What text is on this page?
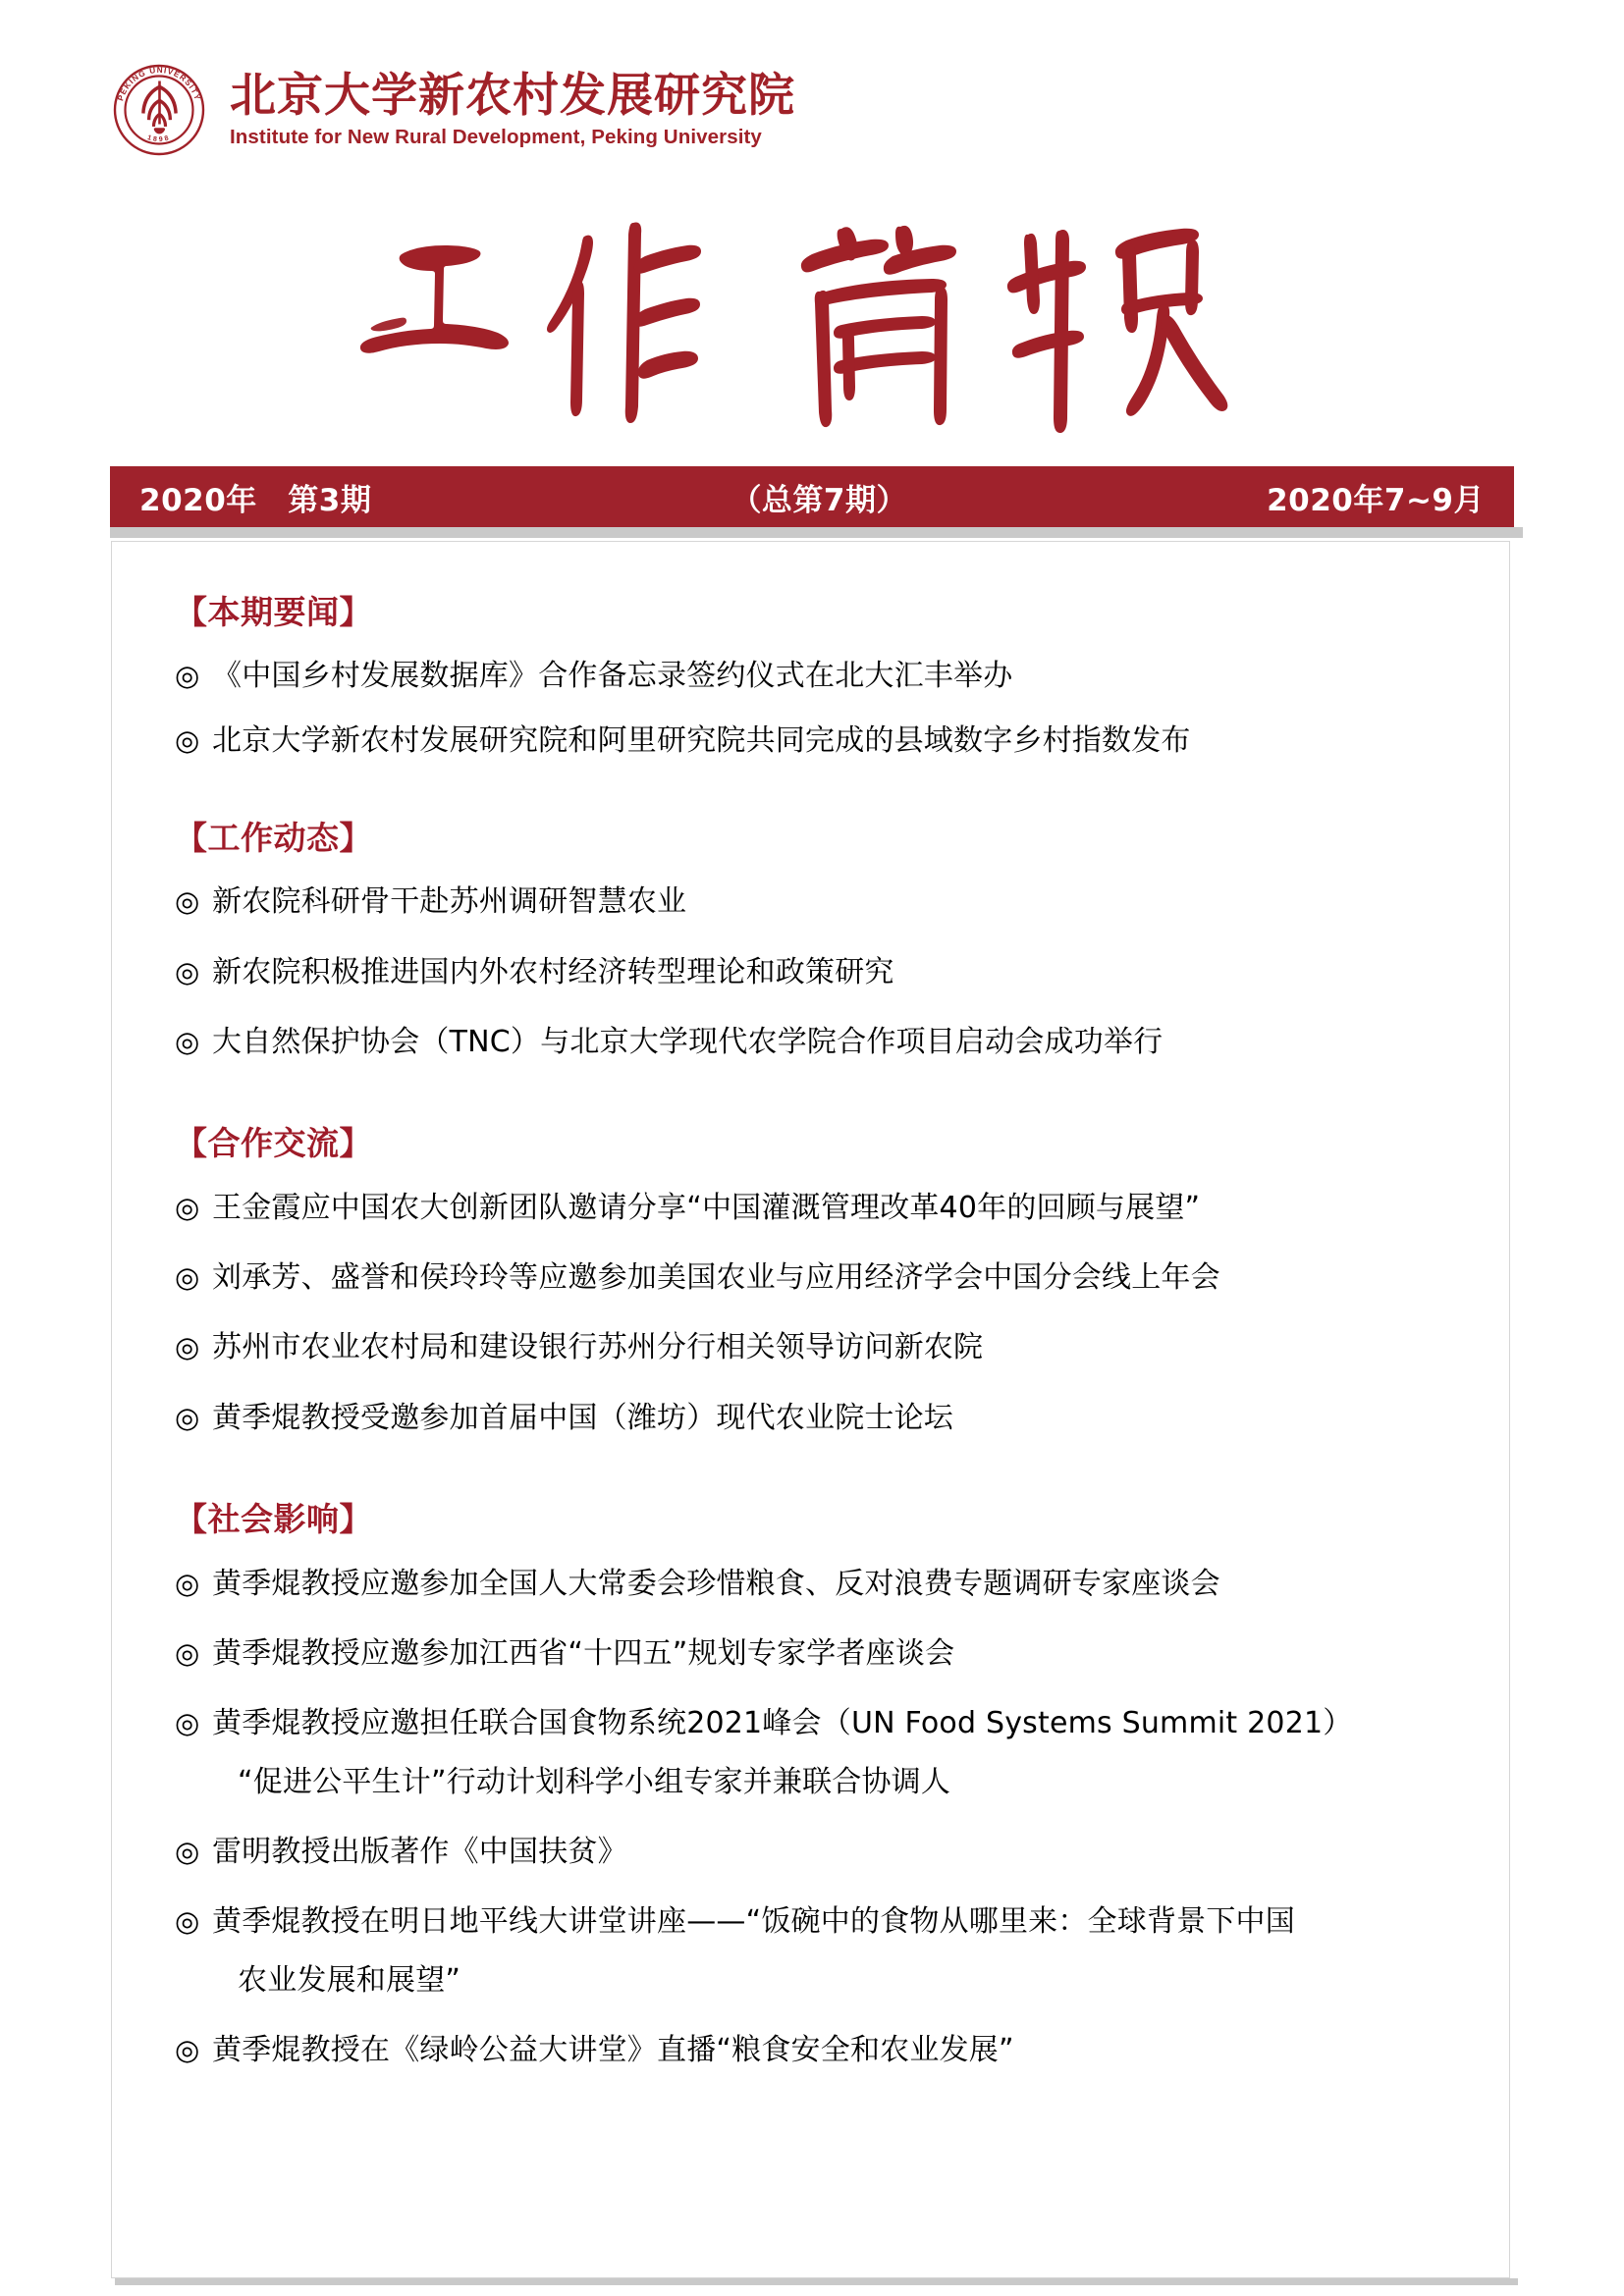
PEKING UNIVERSITY
1898
北京大学新农村发展研究院
Institute for New Rural Development, Peking University
2020年　第3期	（总第7期）	2020年7~9月
【本期要闻】
◎ 《中国乡村发展数据库》合作备忘录签约仪式在北大汇丰举办
◎ 北京大学新农村发展研究院和阿里研究院共同完成的县域数字乡村指数发布
【工作动态】
◎ 新农院科研骨干赴苏州调研智慧农业
◎ 新农院积极推进国内外农村经济转型理论和政策研究
◎ 大自然保护协会（TNC）与北京大学现代农学院合作项目启动会成功举行
【合作交流】
◎ 王金霞应中国农大创新团队邀请分享“中国灌溉管理改革40年的回顾与展望”
◎ 刘承芳、盛誉和侯玲玲等应邀参加美国农业与应用经济学会中国分会线上年会
◎ 苏州市农业农村局和建设银行苏州分行相关领导访问新农院
◎ 黄季焜教授受邀参加首届中国（潍坊）现代农业院士论坛
【社会影响】
◎ 黄季焜教授应邀参加全国人大常委会珍惜粮食、反对浪费专题调研专家座谈会
◎ 黄季焜教授应邀参加江西省“十四五”规划专家学者座谈会
◎ 黄季焜教授应邀担任联合国食物系统2021峰会（UN Food Systems Summit 2021）
“促进公平生计”行动计划科学小组专家并兼联合协调人
◎ 雷明教授出版著作《中国扶贫》
◎ 黄季焜教授在明日地平线大讲堂讲座——“饭碗中的食物从哪里来：全球背景下中国
农业发展和展望”
◎ 黄季焜教授在《绿岭公益大讲堂》直播“粮食安全和农业发展”
